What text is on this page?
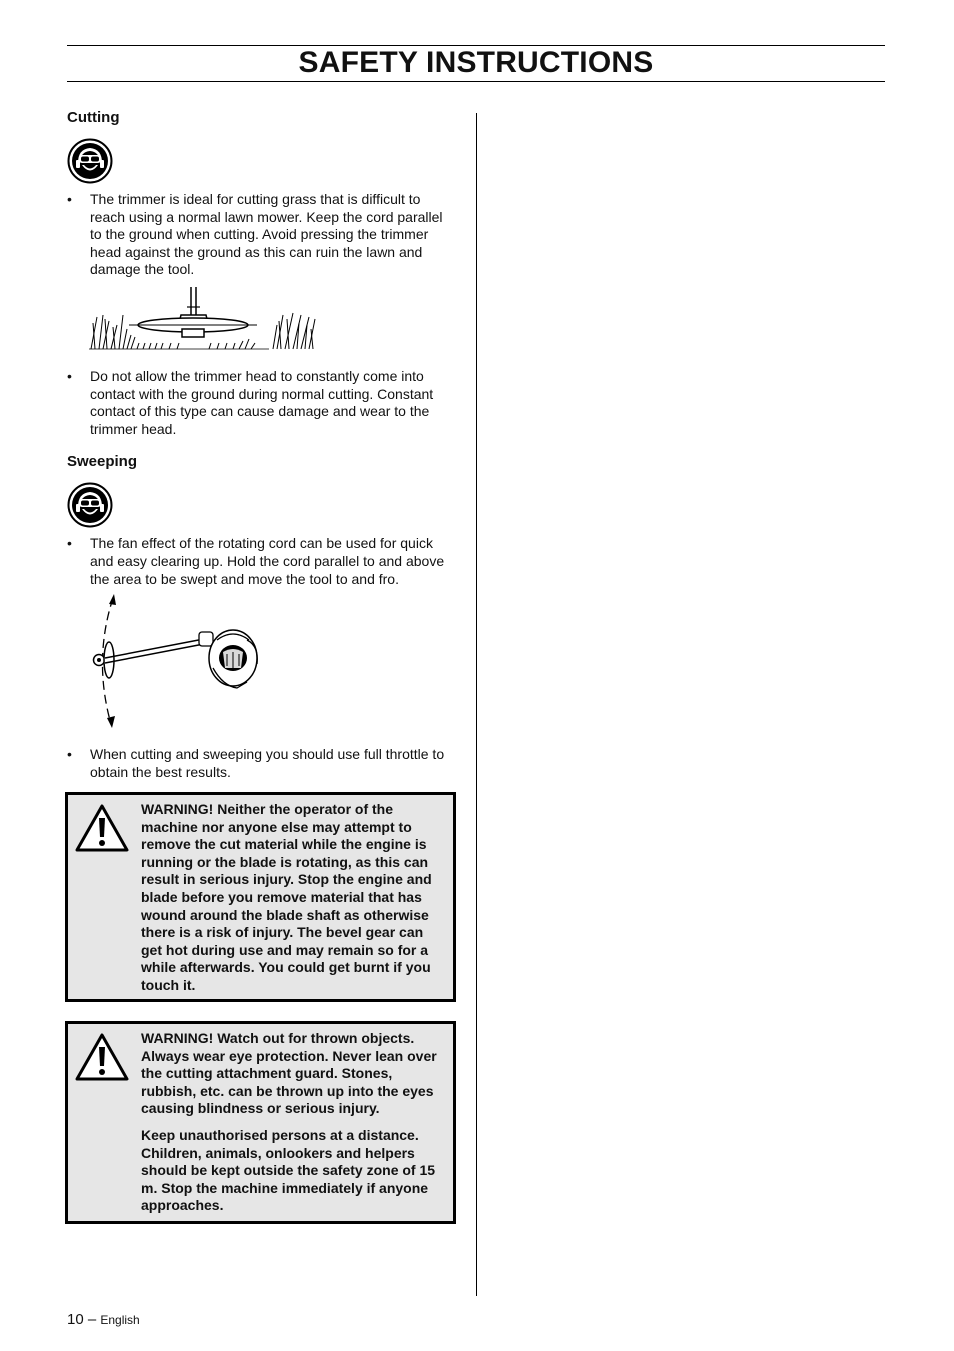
SAFETY INSTRUCTIONS
Cutting
• The trimmer is ideal for cutting grass that is difficult to reach using a normal lawn mower. Keep the cord parallel to the ground when cutting. Avoid pressing the trimmer head against the ground as this can ruin the lawn and damage the tool.
• Do not allow the trimmer head to constantly come into contact with the ground during normal cutting. Constant contact of this type can cause damage and wear to the trimmer head.
Sweeping
• The fan effect of the rotating cord can be used for quick and easy clearing up. Hold the cord parallel to and above the area to be swept and move the tool to and fro.
• When cutting and sweeping you should use full throttle to obtain the best results.

WARNING! Neither the operator of the machine nor anyone else may attempt to remove the cut material while the engine is running or the blade is rotating, as this can result in serious injury. Stop the engine and blade before you remove material that has wound around the blade shaft as otherwise there is a risk of injury. The bevel gear can get hot during use and may remain so for a while afterwards. You could get burnt if you touch it.

WARNING! Watch out for thrown objects. Always wear eye protection. Never lean over the cutting attachment guard. Stones, rubbish, etc. can be thrown up into the eyes causing blindness or serious injury.

Keep unauthorised persons at a distance. Children, animals, onlookers and helpers should be kept outside the safety zone of 15 m. Stop the machine immediately if anyone approaches.

10 – English
